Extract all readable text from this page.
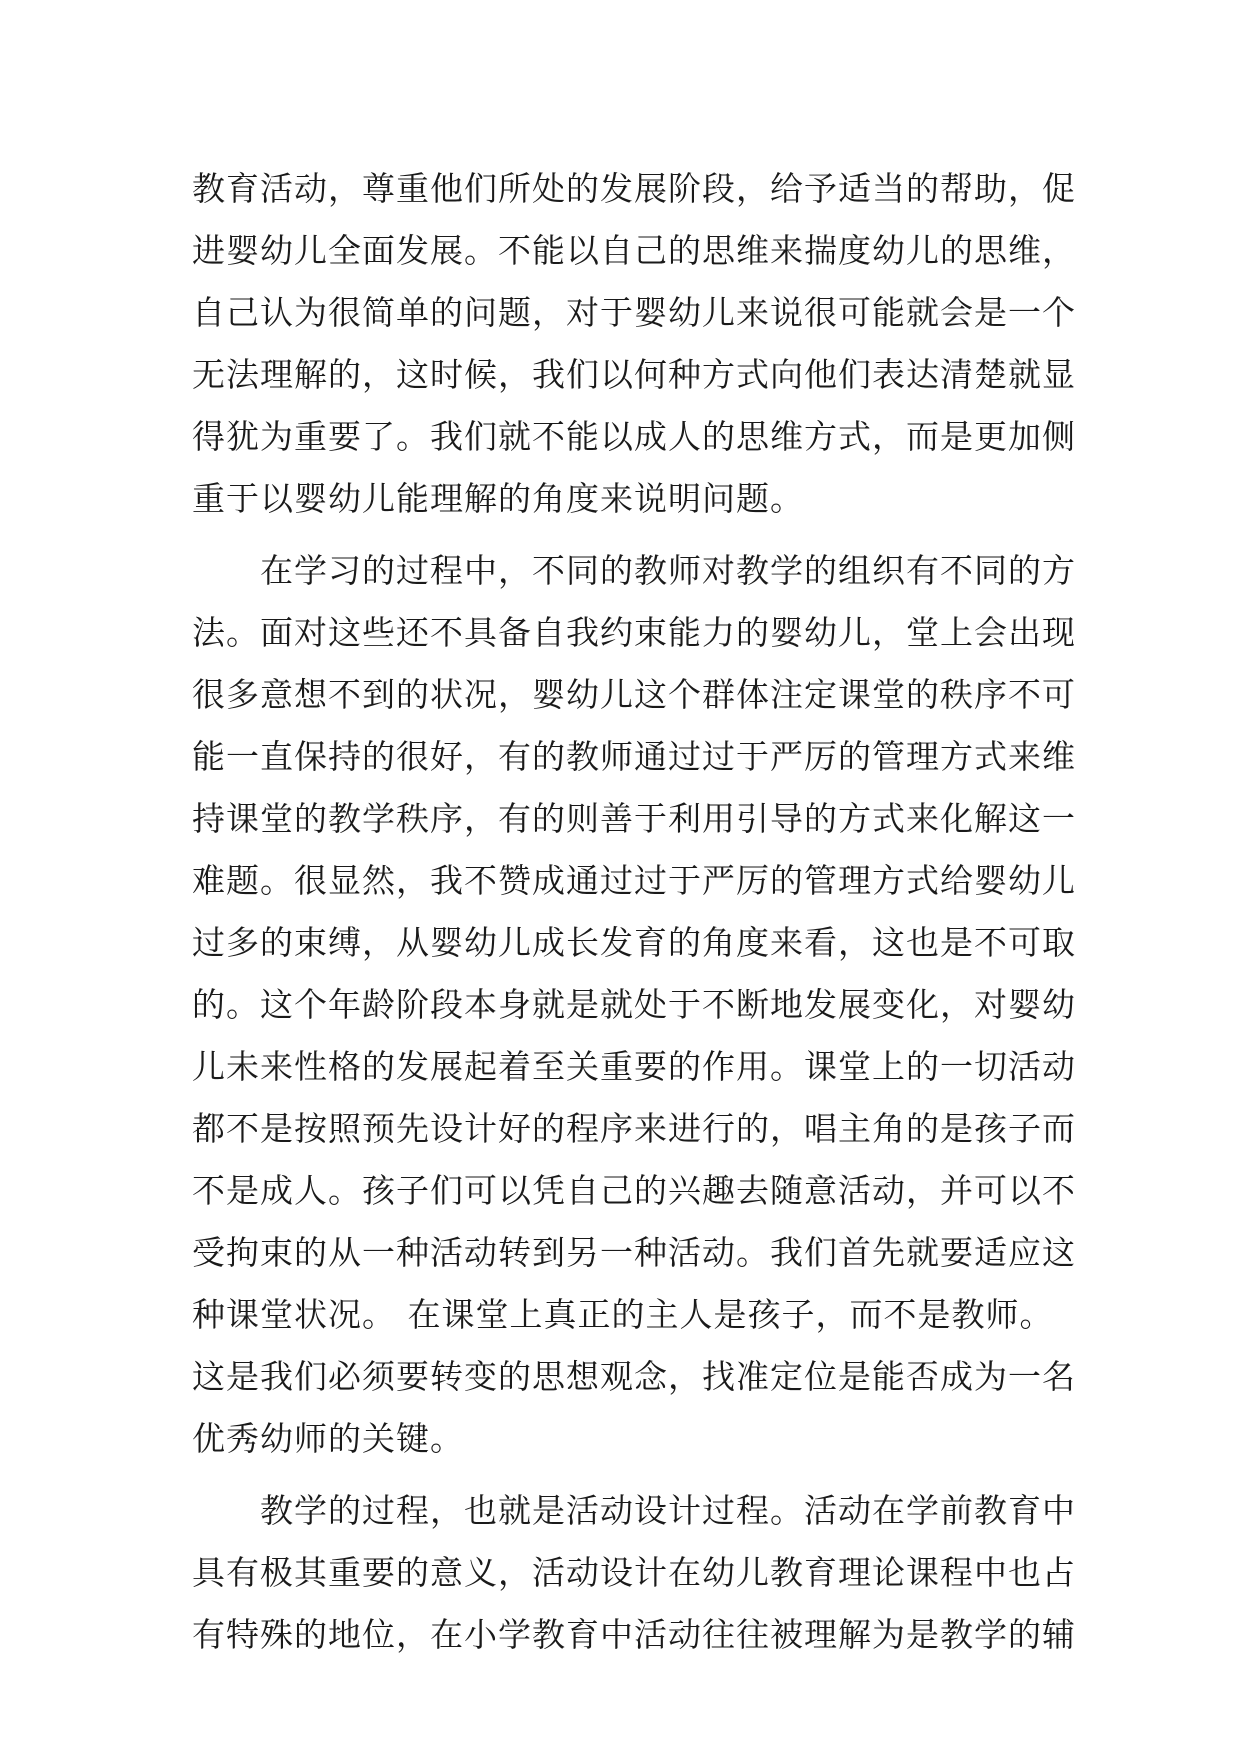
教育活动，尊重他们所处的发展阶段，给予适当的帮助，促
进婴幼儿全面发展。不能以自己的思维来揣度幼儿的思维，
自己认为很简单的问题，对于婴幼儿来说很可能就会是一个
无法理解的，这时候，我们以何种方式向他们表达清楚就显
得犹为重要了。我们就不能以成人的思维方式，而是更加侧
重于以婴幼儿能理解的角度来说明问题。
　　在学习的过程中，不同的教师对教学的组织有不同的方
法。面对这些还不具备自我约束能力的婴幼儿，堂上会出现
很多意想不到的状况，婴幼儿这个群体注定课堂的秩序不可
能一直保持的很好，有的教师通过过于严厉的管理方式来维
持课堂的教学秩序，有的则善于利用引导的方式来化解这一
难题。很显然，我不赞成通过过于严厉的管理方式给婴幼儿
过多的束缚，从婴幼儿成长发育的角度来看，这也是不可取
的。这个年龄阶段本身就是就处于不断地发展变化，对婴幼
儿未来性格的发展起着至关重要的作用。课堂上的一切活动
都不是按照预先设计好的程序来进行的，唱主角的是孩子而
不是成人。孩子们可以凭自己的兴趣去随意活动，并可以不
受拘束的从一种活动转到另一种活动。我们首先就要适应这
种课堂状况。 在课堂上真正的主人是孩子，而不是教师。
这是我们必须要转变的思想观念，找准定位是能否成为一名
优秀幼师的关键。
　　教学的过程，也就是活动设计过程。活动在学前教育中
具有极其重要的意义，活动设计在幼儿教育理论课程中也占
有特殊的地位，在小学教育中活动往往被理解为是教学的辅
